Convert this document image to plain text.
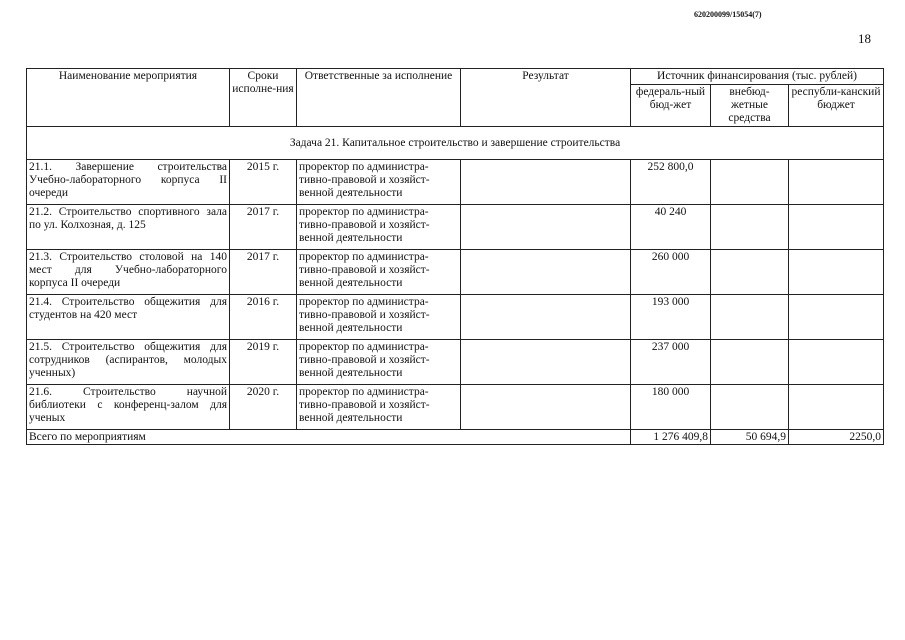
620200099/15054(7)
18
Наименование мероприятия	Сроки исполне-ния	Ответственные за исполнение	Результат	Источник финансирования (тыс. рублей)		
				федераль-ный бюд-жет	внебюд-жетные средства	республи-канский бюджет
Задача 21. Капитальное строительство и завершение строительства						
21.1. Завершение строительства Учебно-лабораторного корпуса II очереди	2015 г.	проректор по администра-тивно-правовой и хозяйст-венной деятельности		252 800,0		
21.2. Строительство спортивного зала по ул. Колхозная, д. 125	2017 г.	проректор по администра-тивно-правовой и хозяйст-венной деятельности		40 240		
21.3. Строительство столовой на 140 мест для Учебно-лабораторного корпуса II очереди	2017 г.	проректор по администра-тивно-правовой и хозяйст-венной деятельности		260 000		
21.4. Строительство общежития для студентов на 420 мест	2016 г.	проректор по администра-тивно-правовой и хозяйст-венной деятельности		193 000		
21.5. Строительство общежития для сотрудников (аспирантов, молодых ученных)	2019 г.	проректор по администра-тивно-правовой и хозяйст-венной деятельности		237 000		
21.6. Строительство научной библиотеки с конференц-залом для ученых	2020 г.	проректор по администра-тивно-правовой и хозяйст-венной деятельности		180 000		
Всего по мероприятиям				1 276 409,8	50 694,9	2250,0
